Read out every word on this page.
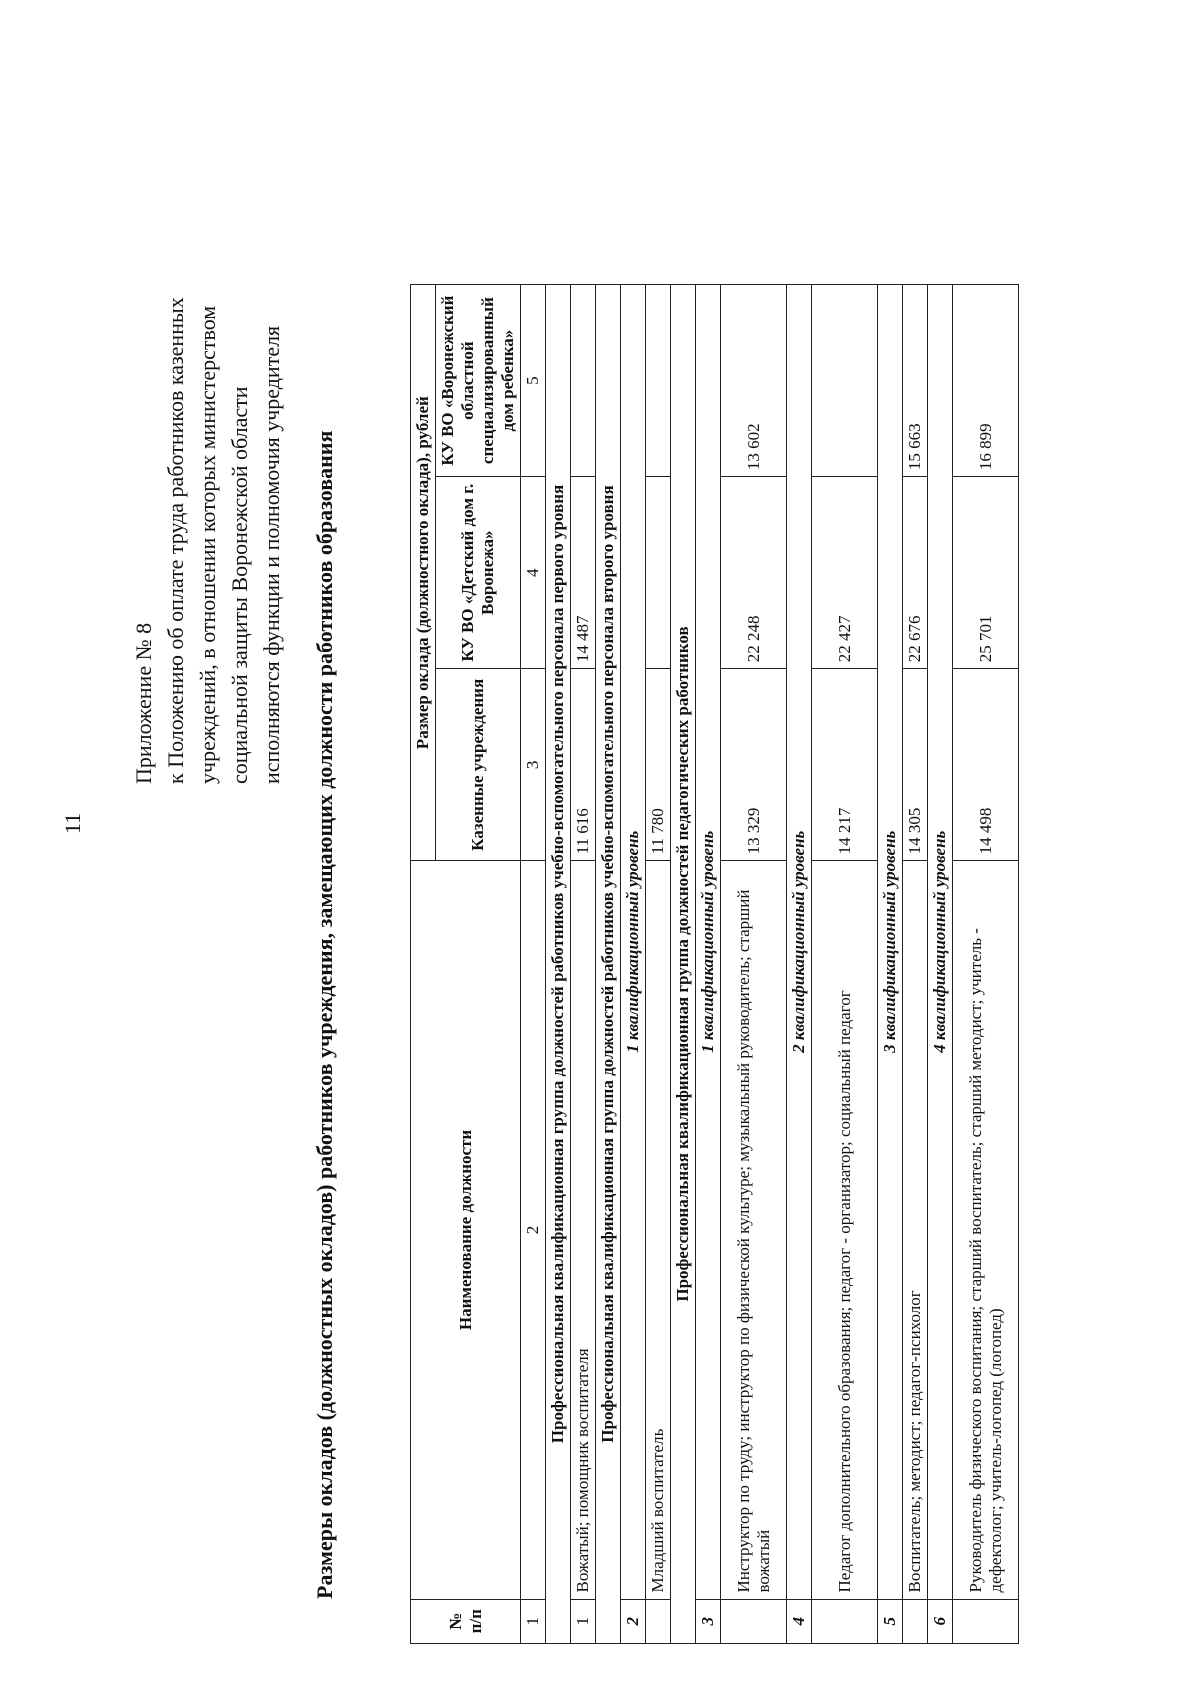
11
Приложение № 8 к Положению об оплате труда работников казенных учреждений, в отношении которых министерством социальной защиты Воронежской области исполняются функции и полномочия учредителя Размеры окладов (должностных окладов) работников учреждения, замещающих должности работников образования
№ п/п	Наименование должности	Размер оклада (должностного оклада), рублей		
		Казенные учреждения	КУ ВО «Детский дом г. Воронежа»	КУ ВО «Воронежский областной специализированный дом ребенка»
1	2	3	4	5
Профессиональная квалификационная группа должностей работников учебно-вспомогательного персонала первого уровня				
1	Вожатый; помощник воспитателя	11 616	14 487	
Профессиональная квалификационная группа должностей работников учебно-вспомогательного персонала второго уровня				
2	1 квалификационный уровень			
	Младший воспитатель	11 780		
Профессиональная квалификационная группа должностей педагогических работников				
3	1 квалификационный уровень			
	Инструктор по труду; инструктор по физической культуре; музыкальный руководитель; старший вожатый	13 329	22 248	13 602
4	2 квалификационный уровень			
	Педагог дополнительного образования; педагог - организатор; социальный педагог	14 217	22 427	
5	3 квалификационный уровень			
	Воспитатель; методист; педагог-психолог	14 305	22 676	15 663
6	4 квалификационный уровень			
	Руководитель физического воспитания; старший воспитатель; старший методист; учитель - дефектолог; учитель-логопед (логопед)	14 498	25 701	16 899
